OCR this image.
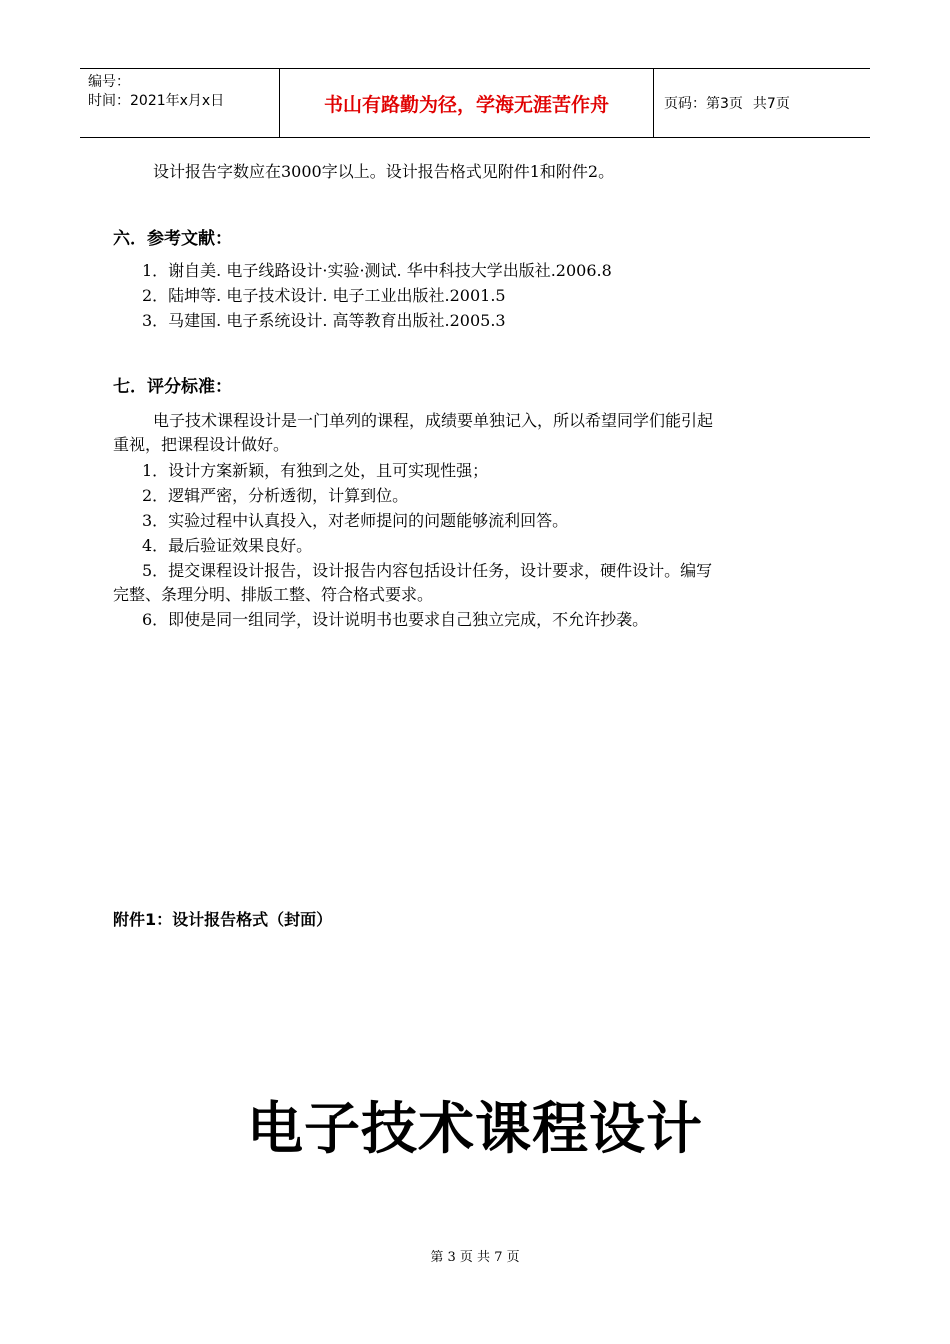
编号：
时间：2021年x月x日	书山有路勤为径，学海无涯苦作舟	页码：第3页 共7页
设计报告字数应在3000字以上。设计报告格式见附件1和附件2。
六．参考文献：
1．谢自美. 电子线路设计·实验·测试. 华中科技大学出版社.2006.8
2．陆坤等. 电子技术设计. 电子工业出版社.2001.5
3．马建国. 电子系统设计. 高等教育出版社.2005.3
七．评分标准：
电子技术课程设计是一门单列的课程，成绩要单独记入，所以希望同学们能引起
重视，把课程设计做好。
1．设计方案新颖，有独到之处，且可实现性强；
2．逻辑严密，分析透彻，计算到位。
3．实验过程中认真投入，对老师提问的问题能够流利回答。
4．最后验证效果良好。
5．提交课程设计报告，设计报告内容包括设计任务，设计要求，硬件设计。编写
完整、条理分明、排版工整、符合格式要求。
6．即使是同一组同学，设计说明书也要求自己独立完成，不允许抄袭。
附件1：设计报告格式（封面）
电子技术课程设计
第 3 页 共 7 页
